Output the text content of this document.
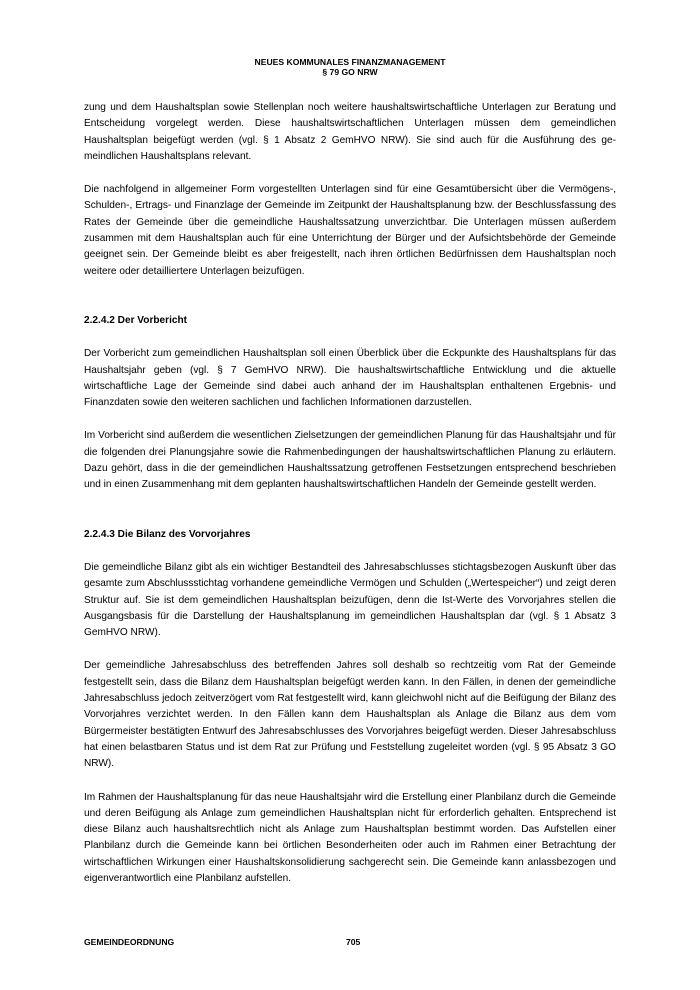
NEUES KOMMUNALES FINANZMANAGEMENT
§ 79 GO NRW

zung und dem Haushaltsplan sowie Stellenplan noch weitere haushaltswirtschaftliche Unterlagen zur Beratung und Entscheidung vorgelegt werden. Diese haushaltswirtschaftlichen Unterlagen müssen dem gemeindlichen Haushaltsplan beigefügt werden (vgl. § 1 Absatz 2 GemHVO NRW). Sie sind auch für die Ausführung des gemeindlichen Haushaltsplans relevant.

Die nachfolgend in allgemeiner Form vorgestellten Unterlagen sind für eine Gesamtübersicht über die Vermögens-, Schulden-, Ertrags- und Finanzlage der Gemeinde im Zeitpunkt der Haushaltsplanung bzw. der Beschlussfassung des Rates der Gemeinde über die gemeindliche Haushaltssatzung unverzichtbar. Die Unterlagen müssen außerdem zusammen mit dem Haushaltsplan auch für eine Unterrichtung der Bürger und der Aufsichtsbehörde der Gemeinde geeignet sein. Der Gemeinde bleibt es aber freigestellt, nach ihren örtlichen Bedürfnissen dem Haushaltsplan noch weitere oder detailliertere Unterlagen beizufügen.

2.2.4.2 Der Vorbericht

Der Vorbericht zum gemeindlichen Haushaltsplan soll einen Überblick über die Eckpunkte des Haushaltsplans für das Haushaltsjahr geben (vgl. § 7 GemHVO NRW). Die haushaltswirtschaftliche Entwicklung und die aktuelle wirtschaftliche Lage der Gemeinde sind dabei auch anhand der im Haushaltsplan enthaltenen Ergebnis- und Finanzdaten sowie den weiteren sachlichen und fachlichen Informationen darzustellen.

Im Vorbericht sind außerdem die wesentlichen Zielsetzungen der gemeindlichen Planung für das Haushaltsjahr und für die folgenden drei Planungsjahre sowie die Rahmenbedingungen der haushaltswirtschaftlichen Planung zu erläutern. Dazu gehört, dass in die der gemeindlichen Haushaltssatzung getroffenen Festsetzungen entsprechend beschrieben und in einen Zusammenhang mit dem geplanten haushaltswirtschaftlichen Handeln der Gemeinde gestellt werden.

2.2.4.3 Die Bilanz des Vorvorjahres

Die gemeindliche Bilanz gibt als ein wichtiger Bestandteil des Jahresabschlusses stichtagsbezogen Auskunft über das gesamte zum Abschlussstichtag vorhandene gemeindliche Vermögen und Schulden („Wertespeicher“) und zeigt deren Struktur auf. Sie ist dem gemeindlichen Haushaltsplan beizufügen, denn die Ist-Werte des Vorvorjahres stellen die Ausgangsbasis für die Darstellung der Haushaltsplanung im gemeindlichen Haushaltsplan dar (vgl. § 1 Absatz 3 GemHVO NRW).

Der gemeindliche Jahresabschluss des betreffenden Jahres soll deshalb so rechtzeitig vom Rat der Gemeinde festgestellt sein, dass die Bilanz dem Haushaltsplan beigefügt werden kann. In den Fällen, in denen der gemeindliche Jahresabschluss jedoch zeitverzögert vom Rat festgestellt wird, kann gleichwohl nicht auf die Beifügung der Bilanz des Vorvorjahres verzichtet werden. In den Fällen kann dem Haushaltsplan als Anlage die Bilanz aus dem vom Bürgermeister bestätigten Entwurf des Jahresabschlusses des Vorvorjahres beigefügt werden. Dieser Jahresabschluss hat einen belastbaren Status und ist dem Rat zur Prüfung und Feststellung zugeleitet worden (vgl. § 95 Absatz 3 GO NRW).

Im Rahmen der Haushaltsplanung für das neue Haushaltsjahr wird die Erstellung einer Planbilanz durch die Gemeinde und deren Beifügung als Anlage zum gemeindlichen Haushaltsplan nicht für erforderlich gehalten. Entsprechend ist diese Bilanz auch haushaltsrechtlich nicht als Anlage zum Haushaltsplan bestimmt worden. Das Aufstellen einer Planbilanz durch die Gemeinde kann bei örtlichen Besonderheiten oder auch im Rahmen einer Betrachtung der wirtschaftlichen Wirkungen einer Haushaltskonsolidierung sachgerecht sein. Die Gemeinde kann anlassbezogen und eigenverantwortlich eine Planbilanz aufstellen.

GEMEINDEORDNUNG	705
